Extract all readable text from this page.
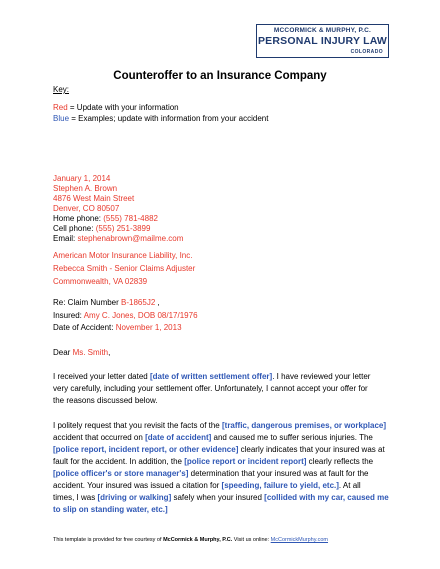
MCCORMICK & MURPHY, P.C.
PERSONAL INJURY LAW
COLORADO
Counteroffer to an Insurance Company
Key:
Red = Update with your information
Blue = Examples; update with information from your accident
January 1, 2014
Stephen A. Brown
4876 West Main Street
Denver, CO 80507
Home phone: (555) 781-4882
Cell phone: (555) 251-3899
Email: stephenabrown@mailme.com
American Motor Insurance Liability, Inc.
Rebecca Smith - Senior Claims Adjuster
Commonwealth, VA 02839
Re: Claim Number B-1865J2 ,
Insured: Amy C. Jones, DOB 08/17/1976
Date of Accident: November 1, 2013
Dear Ms. Smith,
I received your letter dated [date of written settlement offer]. I have reviewed your letter
very carefully, including your settlement offer. Unfortunately, I cannot accept your offer for
the reasons discussed below.
I politely request that you revisit the facts of the [traffic, dangerous premises, or workplace]
accident that occurred on [date of accident] and caused me to suffer serious injuries. The
[police report, incident report, or other evidence] clearly indicates that your insured was at
fault for the accident. In addition, the [police report or incident report] clearly reflects the
[police officer's or store manager's] determination that your insured was at fault for the
accident. Your insured was issued a citation for [speeding, failure to yield, etc.]. At all
times, I was [driving or walking] safely when your insured [collided with my car, caused me
to slip on standing water, etc.]
This template is provided for free courtesy of McCormick & Murphy, P.C. Visit us online: McCormickMurphy.com
